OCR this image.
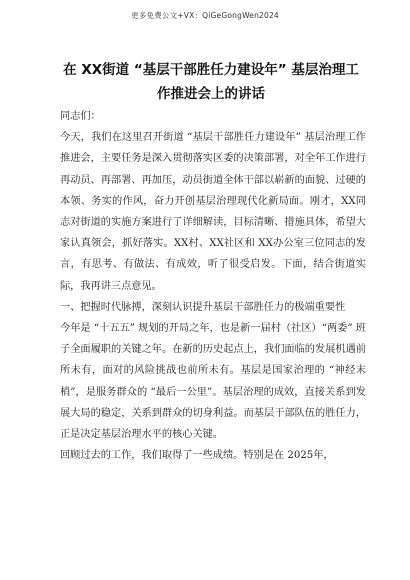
更多免费公文+VX：QiGeGongWen2024
在 XX街道 “基层干部胜任力建设年” 基层治理工
作推进会上的讲话

同志们：

今天，我们在这里召开街道 “基层干部胜任力建设年” 基层治理工作推进会，主要任务是深入贯彻落实区委的决策部署，对全年工作进行再动员、再部署、再加压，动员街道全体干部以崭新的面貌、过硬的本领、务实的作风，奋力开创基层治理现代化新局面。刚才，XX同志对街道的实施方案进行了详细解读，目标清晰、措施具体，希望大家认真领会，抓好落实。XX村、XX社区和 XX办公室三位同志的发言，有思考、有做法、有成效，听了很受启发。下面，结合街道实际，我再讲三点意见。

一、把握时代脉搏，深刻认识提升基层干部胜任力的极端重要性

今年是 “十五五” 规划的开局之年，也是新一届村（社区）“两委” 班子全面履职的关键之年。在新的历史起点上，我们面临的发展机遇前所未有，面对的风险挑战也前所未有。基层是国家治理的 “神经末梢”，是服务群众的 “最后一公里”。基层治理的成效，直接关系到发展大局的稳定，关系到群众的切身利益。而基层干部队伍的胜任力，正是决定基层治理水平的核心关键。

回顾过去的工作，我们取得了一些成绩。特别是在 2025年，
